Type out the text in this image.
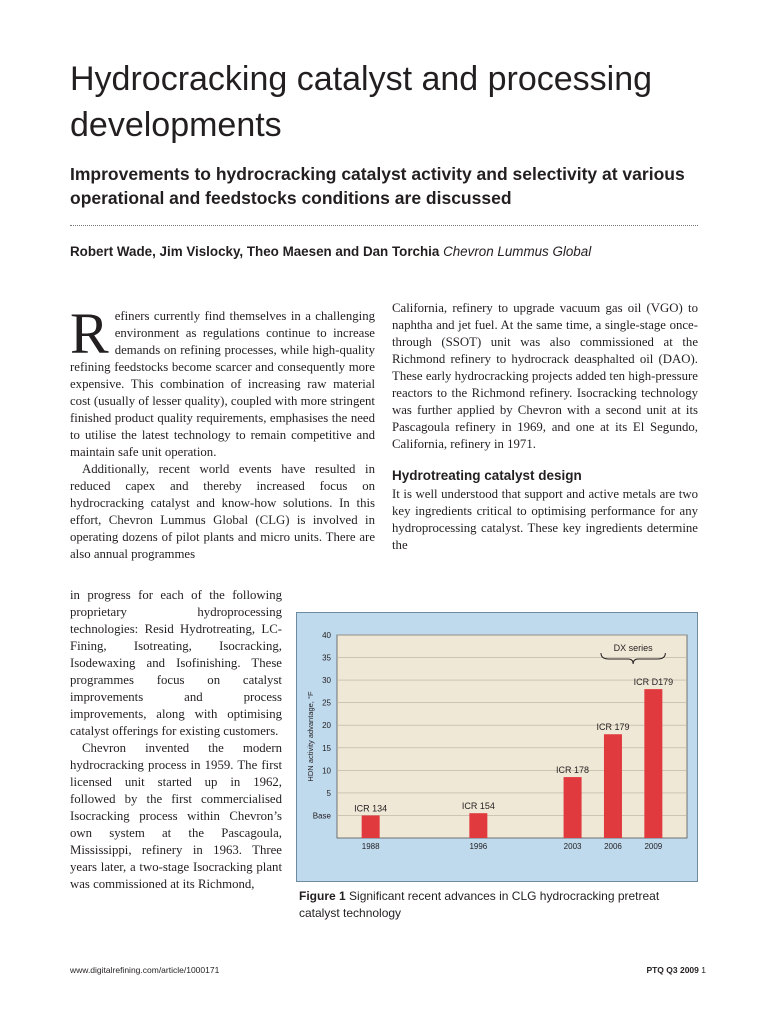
Hydrocracking catalyst and processing developments
Improvements to hydrocracking catalyst activity and selectivity at various operational and feedstocks conditions are discussed
Robert Wade, Jim Vislocky, Theo Maesen and Dan Torchia Chevron Lummus Global

Refiners currently find themselves in a challenging environment as regulations continue to increase demands on refining processes, while high-quality refining feedstocks become scarcer and consequently more expensive. This combination of increasing raw material cost (usually of lesser quality), coupled with more stringent finished product quality requirements, emphasises the need to utilise the latest technology to remain competitive and maintain safe unit operation.

Additionally, recent world events have resulted in reduced capex and thereby increased focus on hydrocracking catalyst and know-how solutions. In this effort, Chevron Lummus Global (CLG) is involved in operating dozens of pilot plants and micro units. There are also annual programmes

in progress for each of the following proprietary hydroprocessing technologies: Resid Hydrotreating, LC-Fining, Isotreating, Isocracking, Isodewaxing and Isofinishing. These programmes focus on catalyst improvements and process improvements, along with optimising catalyst offerings for existing customers.

Chevron invented the modern hydrocracking process in 1959. The first licensed unit started up in 1962, followed by the first commercialised Isocracking process within Chevron’s own system at the Pascagoula, Mississippi, refinery in 1963. Three years later, a two-stage Isocracking plant was commissioned at its Richmond,

California, refinery to upgrade vacuum gas oil (VGO) to naphtha and jet fuel. At the same time, a single-stage once-through (SSOT) unit was also commissioned at the Richmond refinery to hydrocrack deasphalted oil (DAO). These early hydrocracking projects added ten high-pressure reactors to the Richmond refinery. Isocracking technology was further applied by Chevron with a second unit at its Pascagoula refinery in 1969, and one at its El Segundo, California, refinery in 1971.

Hydrotreating catalyst design

It is well understood that support and active metals are two key ingredients critical to optimising performance for any hydroprocessing catalyst. These key ingredients determine the

5
10
15
20
25
30
35
40
Base
HDN activity advantage, °F
ICR 134
1988
ICR 154
1996
ICR 178
2003
ICR 179
2006
ICR D179
2009
DX series
Figure 1 Significant recent advances in CLG hydrocracking pretreat catalyst technology
www.digitalrefining.com/article/1000171	PTQ Q3 2009 1
